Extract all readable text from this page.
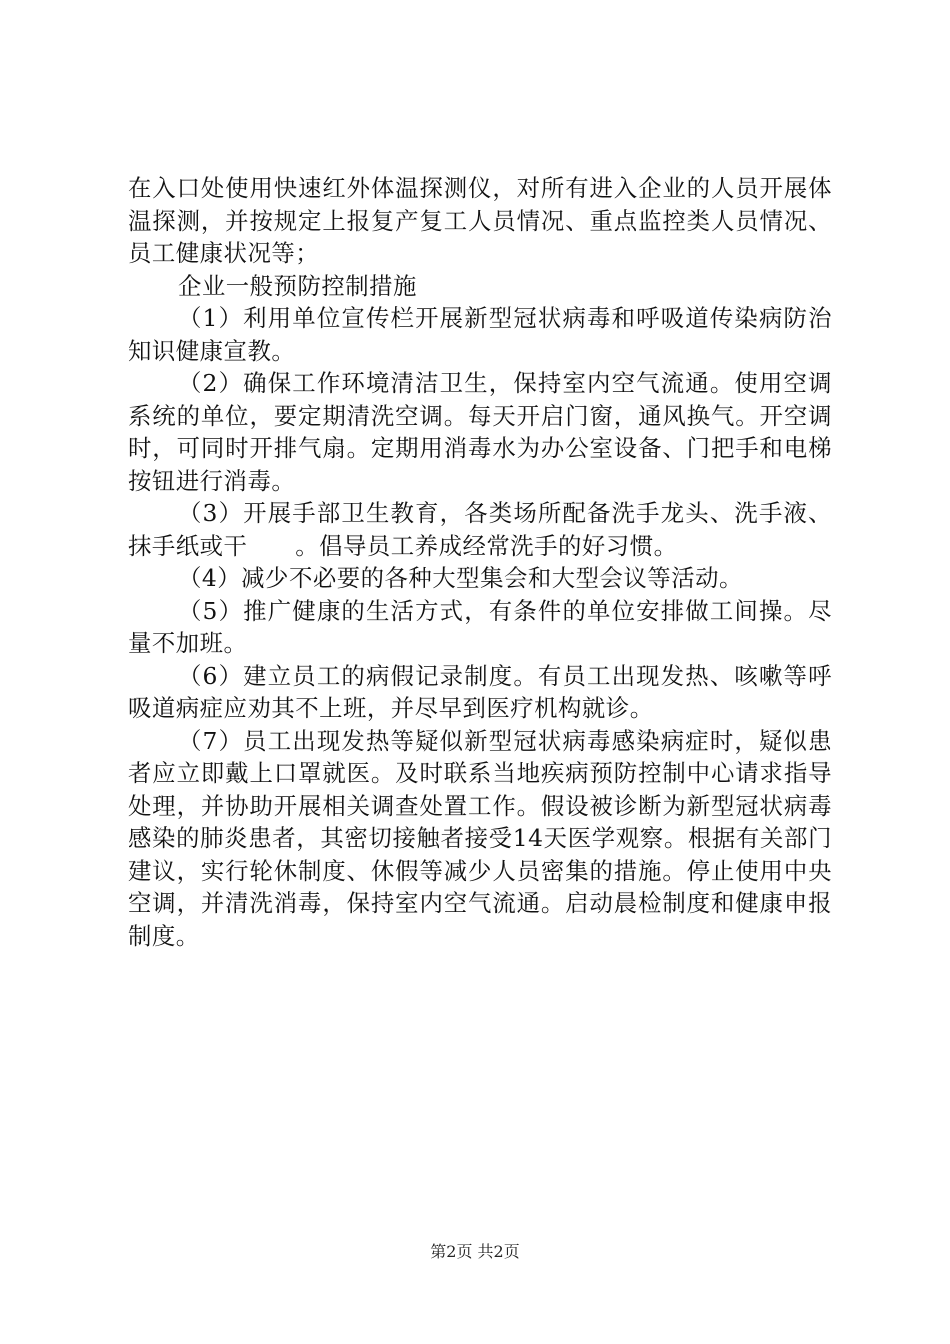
在入口处使用快速红外体温探测仪，对所有进入企业的人员开展体温探测，并按规定上报复产复工人员情况、重点监控类人员情况、员工健康状况等；

企业一般预防控制措施

（1）利用单位宣传栏开展新型冠状病毒和呼吸道传染病防治知识健康宣教。

（2）确保工作环境清洁卫生，保持室内空气流通。使用空调系统的单位，要定期清洗空调。每天开启门窗，通风换气。开空调时，可同时开排气扇。定期用消毒水为办公室设备、门把手和电梯按钮进行消毒。

（3）开展手部卫生教育，各类场所配备洗手龙头、洗手液、抹手纸或干　　。倡导员工养成经常洗手的好习惯。

（4）减少不必要的各种大型集会和大型会议等活动。

（5）推广健康的生活方式，有条件的单位安排做工间操。尽量不加班。

（6）建立员工的病假记录制度。有员工出现发热、咳嗽等呼吸道病症应劝其不上班，并尽早到医疗机构就诊。

（7）员工出现发热等疑似新型冠状病毒感染病症时，疑似患者应立即戴上口罩就医。及时联系当地疾病预防控制中心请求指导处理，并协助开展相关调查处置工作。假设被诊断为新型冠状病毒感染的肺炎患者，其密切接触者接受14天医学观察。根据有关部门建议，实行轮休制度、休假等减少人员密集的措施。停止使用中央空调，并清洗消毒，保持室内空气流通。启动晨检制度和健康申报制度。

第2页 共2页
